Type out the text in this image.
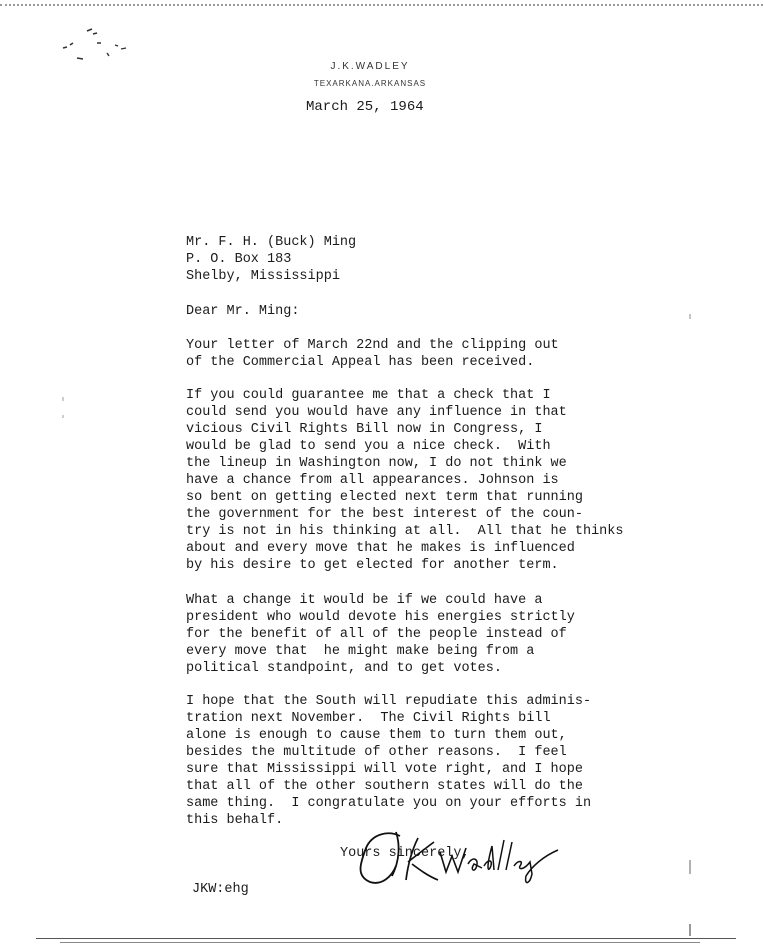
J.K.WADLEY
TEXARKANA.ARKANSAS
March 25, 1964
Mr. F. H. (Buck) Ming
P. O. Box 183
Shelby, Mississippi
Dear Mr. Ming:
Your letter of March 22nd and the clipping out
of the Commercial Appeal has been received.
If you could guarantee me that a check that I
could send you would have any influence in that
vicious Civil Rights Bill now in Congress, I
would be glad to send you a nice check.  With
the lineup in Washington now, I do not think we
have a chance from all appearances. Johnson is
so bent on getting elected next term that running
the government for the best interest of the coun-
try is not in his thinking at all.  All that he thinks
about and every move that he makes is influenced
by his desire to get elected for another term.
What a change it would be if we could have a
president who would devote his energies strictly
for the benefit of all of the people instead of
every move that  he might make being from a
political standpoint, and to get votes.
I hope that the South will repudiate this adminis-
tration next November.  The Civil Rights bill
alone is enough to cause them to turn them out,
besides the multitude of other reasons.  I feel
sure that Mississippi will vote right, and I hope
that all of the other southern states will do the
same thing.  I congratulate you on your efforts in
this behalf.
Yours sincerely,
JKW:ehg
